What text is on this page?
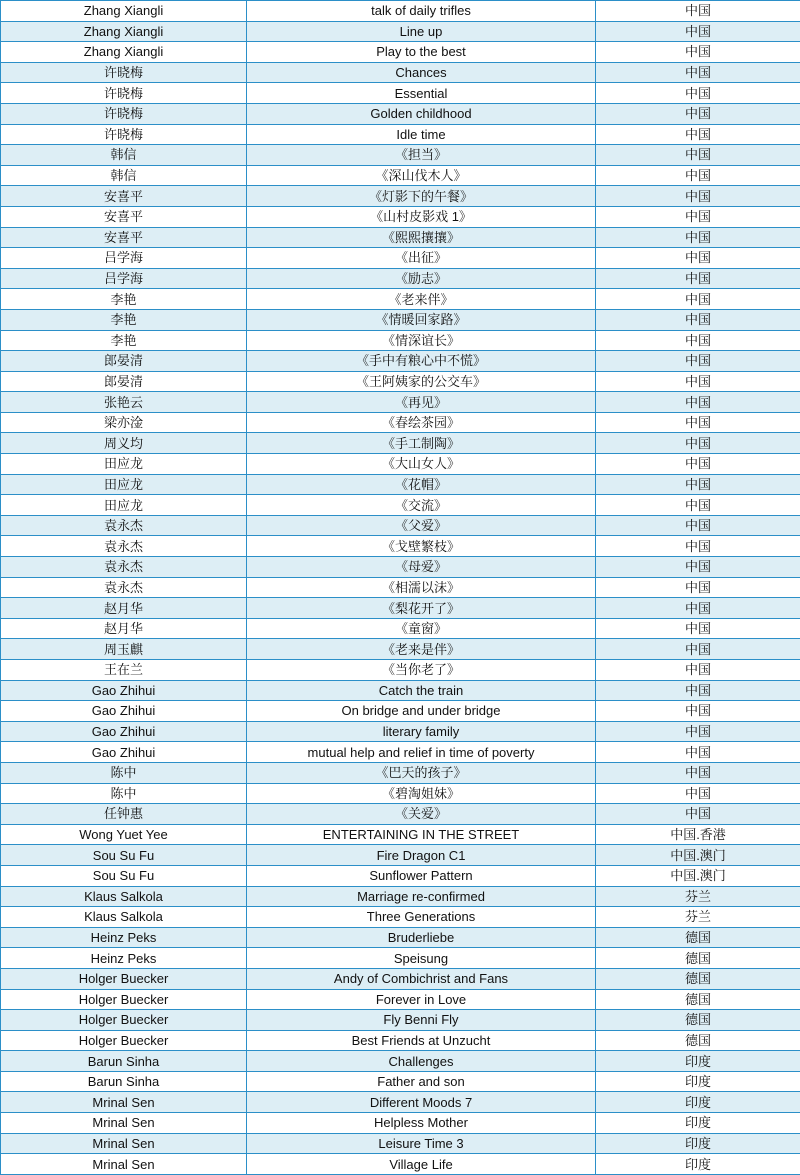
Zhang Xiangli	talk of daily trifles	中国
Zhang Xiangli	Line up	中国
Zhang Xiangli	Play to the best	中国
许晓梅	Chances	中国
许晓梅	Essential	中国
许晓梅	Golden childhood	中国
许晓梅	Idle time	中国
韩信	《担当》	中国
韩信	《深山伐木人》	中国
安喜平	《灯影下的午餐》	中国
安喜平	《山村皮影戏 1》	中国
安喜平	《熙熙攘攘》	中国
吕学海	《出征》	中国
吕学海	《励志》	中国
李艳	《老来伴》	中国
李艳	《情暖回家路》	中国
李艳	《情深谊长》	中国
郎晏清	《手中有粮心中不慌》	中国
郎晏清	《王阿姨家的公交车》	中国
张艳云	《再见》	中国
梁亦淦	《春绘茶园》	中国
周义均	《手工制陶》	中国
田应龙	《大山女人》	中国
田应龙	《花帽》	中国
田应龙	《交流》	中国
袁永杰	《父爱》	中国
袁永杰	《戈壁繁枝》	中国
袁永杰	《母爱》	中国
袁永杰	《相濡以沫》	中国
赵月华	《梨花开了》	中国
赵月华	《童窗》	中国
周玉麒	《老来是伴》	中国
王在兰	《当你老了》	中国
Gao Zhihui	Catch the train	中国
Gao Zhihui	On bridge and under bridge	中国
Gao Zhihui	literary family	中国
Gao Zhihui	mutual help and relief in time of poverty	中国
陈中	《巴天的孩子》	中国
陈中	《碧淘姐妹》	中国
任钟惠	《关爱》	中国
Wong Yuet Yee	ENTERTAINING IN THE STREET	中国.香港
Sou Su Fu	Fire Dragon C1	中国.澳门
Sou Su Fu	Sunflower Pattern	中国.澳门
Klaus Salkola	Marriage re-confirmed	芬兰
Klaus Salkola	Three Generations	芬兰
Heinz Peks	Bruderliebe	德国
Heinz Peks	Speisung	德国
Holger Buecker	Andy of Combichrist and Fans	德国
Holger Buecker	Forever in Love	德国
Holger Buecker	Fly Benni Fly	德国
Holger Buecker	Best Friends at Unzucht	德国
Barun Sinha	Challenges	印度
Barun Sinha	Father and son	印度
Mrinal Sen	Different Moods 7	印度
Mrinal Sen	Helpless Mother	印度
Mrinal Sen	Leisure Time 3	印度
Mrinal Sen	Village Life	印度
